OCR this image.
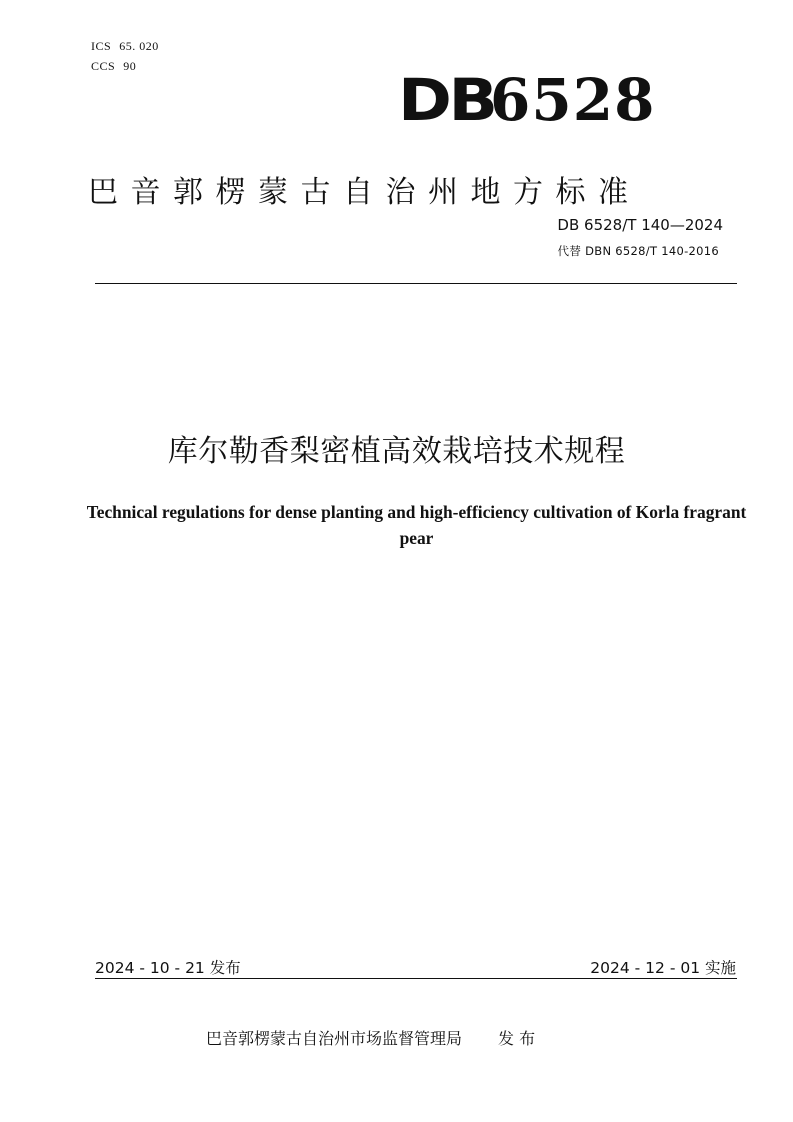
ICS 65. 020
CCS 90	DB
6528
巴音郭楞蒙古自治州地方标准
DB 6528/T 140—2024
代替 DBN 6528/T 140-2016
库尔勒香梨密植高效栽培技术规程
Technical regulations for dense planting and high-efficiency cultivation of Korla fragrant pear
2024 - 10 - 21 发布	2024 - 12 - 01 实施
巴音郭楞蒙古自治州市场监督管理局 发 布
